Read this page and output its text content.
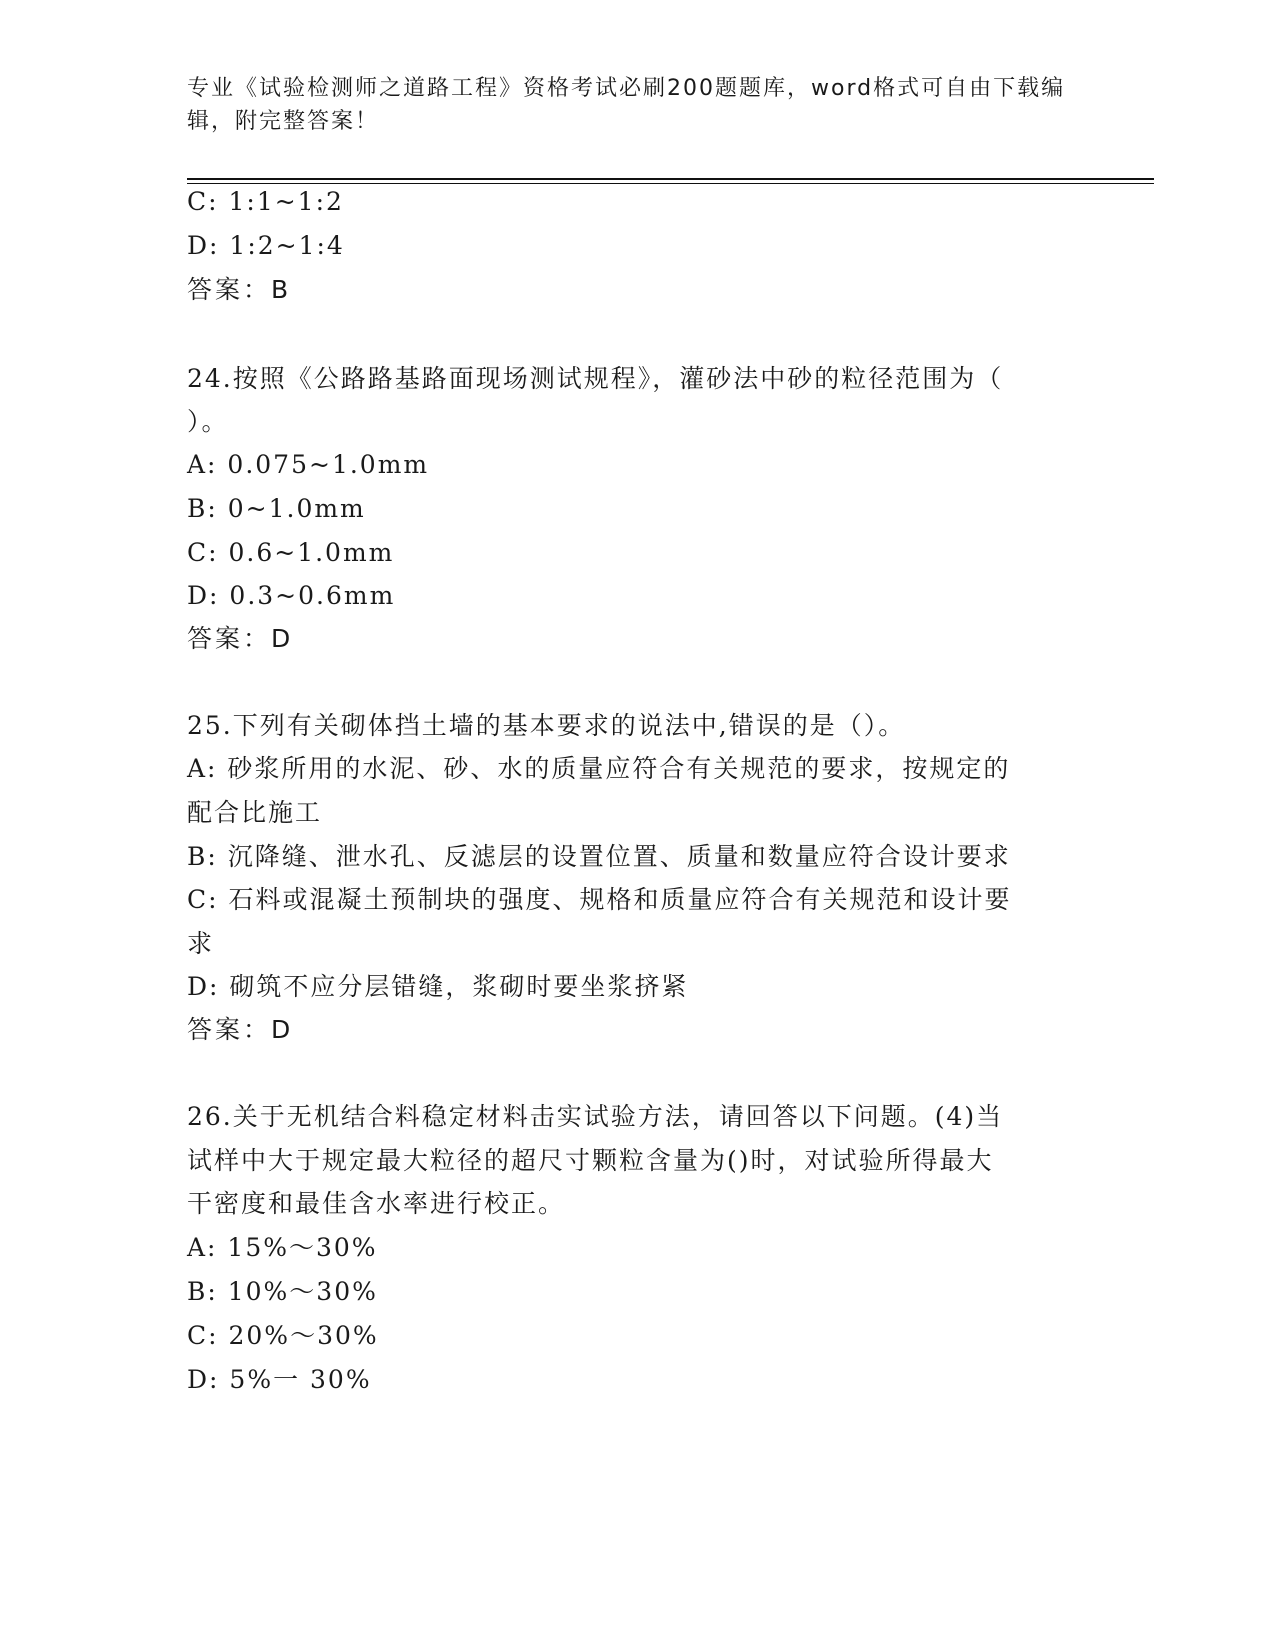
专业《试验检测师之道路工程》资格考试必刷200题题库，word格式可自由下载编辑，附完整答案！
C: 1:1~1:2
D: 1:2~1:4
答案：B
24.按照《公路路基路面现场测试规程》，灌砂法中砂的粒径范围为（
）。
A: 0.075~1.0mm
B: 0~1.0mm
C: 0.6~1.0mm
D: 0.3~0.6mm
答案：D
25.下列有关砌体挡土墙的基本要求的说法中,错误的是（）。
A: 砂浆所用的水泥、砂、水的质量应符合有关规范的要求，按规定的
配合比施工
B: 沉降缝、泄水孔、反滤层的设置位置、质量和数量应符合设计要求
C: 石料或混凝土预制块的强度、规格和质量应符合有关规范和设计要
求
D: 砌筑不应分层错缝，浆砌时要坐浆挤紧
答案：D
26.关于无机结合料稳定材料击实试验方法，请回答以下问题。(4)当
试样中大于规定最大粒径的超尺寸颗粒含量为()时，对试验所得最大
干密度和最佳含水率进行校正。
A: 15%～30%
B: 10%～30%
C: 20%～30%
D: 5%一 30%
